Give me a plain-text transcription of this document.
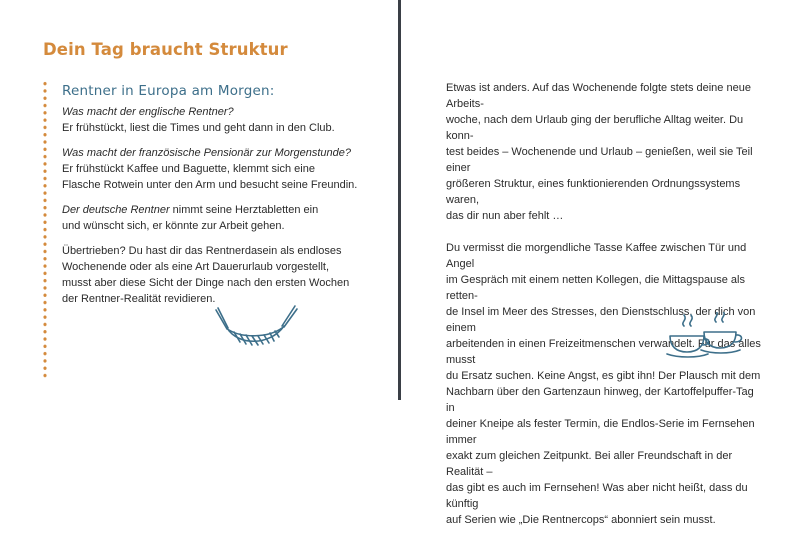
Dein Tag braucht Struktur
Rentner in Europa am Morgen:
Was macht der englische Rentner?
Er frühstückt, liest die Times und geht dann in den Club.
Was macht der französische Pensionär zur Morgenstunde?
Er frühstückt Kaffee und Baguette, klemmt sich eine
Flasche Rotwein unter den Arm und besucht seine Freundin.
Der deutsche Rentner nimmt seine Herztabletten ein
und wünscht sich, er könnte zur Arbeit gehen.
Übertrieben? Du hast dir das Rentnerdasein als endloses
Wochenende oder als eine Art Dauerurlaub vorgestellt,
musst aber diese Sicht der Dinge nach den ersten Wochen
der Rentner-Realität revidieren.

Etwas ist anders. Auf das Wochenende folgte stets deine neue Arbeits-
woche, nach dem Urlaub ging der berufliche Alltag weiter. Du konn-
test beides – Wochenende und Urlaub – genießen, weil sie Teil einer
größeren Struktur, eines funktionierenden Ordnungssystems waren,
das dir nun aber fehlt …

Du vermisst die morgendliche Tasse Kaffee zwischen Tür und Angel
im Gespräch mit einem netten Kollegen, die Mittagspause als retten-
de Insel im Meer des Stresses, den Dienstschluss, der dich von einem
arbeitenden in einen Freizeitmenschen verwandelt. Für das alles musst
du Ersatz suchen. Keine Angst, es gibt ihn! Der Plausch mit dem
Nachbarn über den Gartenzaun hinweg, der Kartoffelpuffer-Tag in
deiner Kneipe als fester Termin, die Endlos-Serie im Fernsehen immer
exakt zum gleichen Zeitpunkt. Bei aller Freundschaft in der Realität –
das gibt es auch im Fernsehen! Was aber nicht heißt, dass du künftig
auf Serien wie „Die Rentnercops“ abonniert sein musst.
